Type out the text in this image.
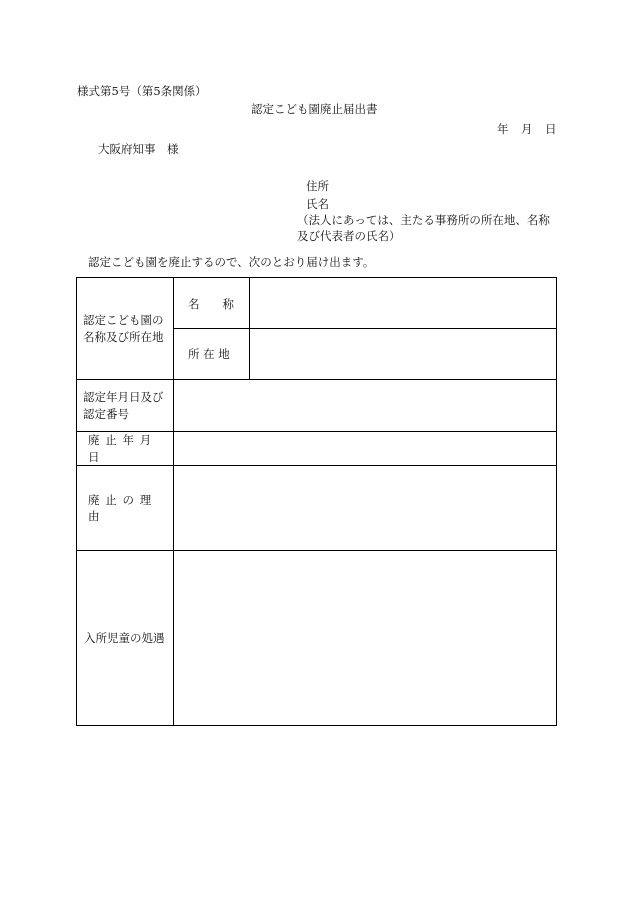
様式第5号（第5条関係）
認定こども園廃止届出書
年 月 日
大阪府知事　様
住所
氏名
（法人にあっては、主たる事務所の所在地、名称
及び代表者の氏名）
認定こども園を廃止するので、次のとおり届け出ます。
認定こども園の名称及び所在地	名　　称	
	所 在 地	
認定年月日及び認定番号		
廃止年月日		
廃止の理由		
入所児童の処遇		
